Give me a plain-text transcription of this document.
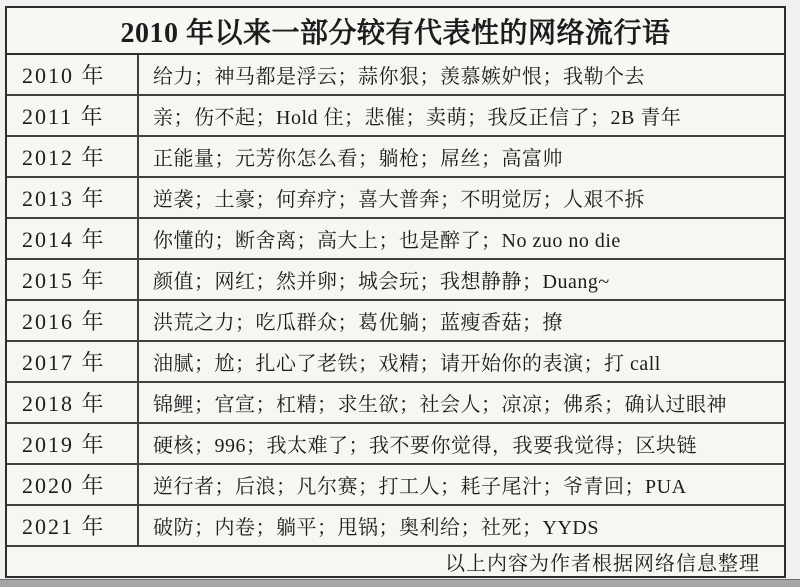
2010 年以来一部分较有代表性的网络流行语
2010 年	给力；神马都是浮云；蒜你狠；羡慕嫉妒恨；我勒个去
2011 年	亲；伤不起；Hold 住；悲催；卖萌；我反正信了；2B 青年
2012 年	正能量；元芳你怎么看；躺枪；屌丝；高富帅
2013 年	逆袭；土豪；何弃疗；喜大普奔；不明觉厉；人艰不拆
2014 年	你懂的；断舍离；高大上；也是醉了；No zuo no die
2015 年	颜值；网红；然并卵；城会玩；我想静静；Duang~
2016 年	洪荒之力；吃瓜群众；葛优躺；蓝瘦香菇；撩
2017 年	油腻；尬；扎心了老铁；戏精；请开始你的表演；打 call
2018 年	锦鲤；官宣；杠精；求生欲；社会人；凉凉；佛系；确认过眼神
2019 年	硬核；996；我太难了；我不要你觉得，我要我觉得；区块链
2020 年	逆行者；后浪；凡尔赛；打工人；耗子尾汁；爷青回；PUA
2021 年	破防；内卷；躺平；甩锅；奥利给；社死；YYDS
以上内容为作者根据网络信息整理
